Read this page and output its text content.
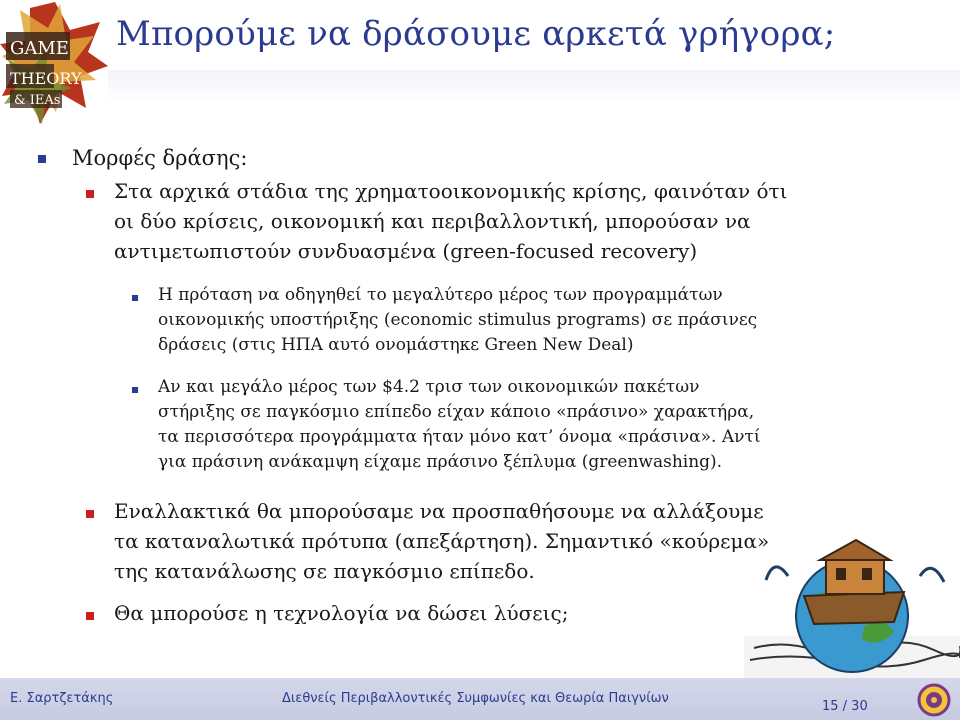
GAME
THEORY
& IEAs
Μπορούμε να δράσουμε αρκετά γρήγορα;
Μορφές δράσης:
Στα αρχικά στάδια της χρηματοοικονομικής κρίσης, φαινόταν ότι
οι δύο κρίσεις, οικονομική και περιβαλλοντική, μπορούσαν να
αντιμετωπιστούν συνδυασμένα (green-focused recovery)
Η πρόταση να οδηγηθεί το μεγαλύτερο μέρος των προγραμμάτων
οικονομικής υποστήριξης (economic stimulus programs) σε πράσινες
δράσεις (στις ΗΠΑ αυτό ονομάστηκε Green New Deal)
Αν και μεγάλο μέρος των $4.2 τρισ των οικονομικών πακέτων
στήριξης σε παγκόσμιο επίπεδο είχαν κάποιο «πράσινο» χαρακτήρα,
τα περισσότερα προγράμματα ήταν μόνο κατ’ όνομα «πράσινα». Αντί
για πράσινη ανάκαμψη είχαμε πράσινο ξέπλυμα (greenwashing).
Εναλλακτικά θα μπορούσαμε να προσπαθήσουμε να αλλάξουμε
τα καταναλωτικά πρότυπα (απεξάρτηση). Σημαντικό «κούρεμα»
της κατανάλωσης σε παγκόσμιο επίπεδο.
Θα μπορούσε η τεχνολογία να δώσει λύσεις;
Ε. Σαρτζετάκης	Διεθνείς Περιβαλλοντικές Συμφωνίες και Θεωρία Παιγνίων
15 / 30
